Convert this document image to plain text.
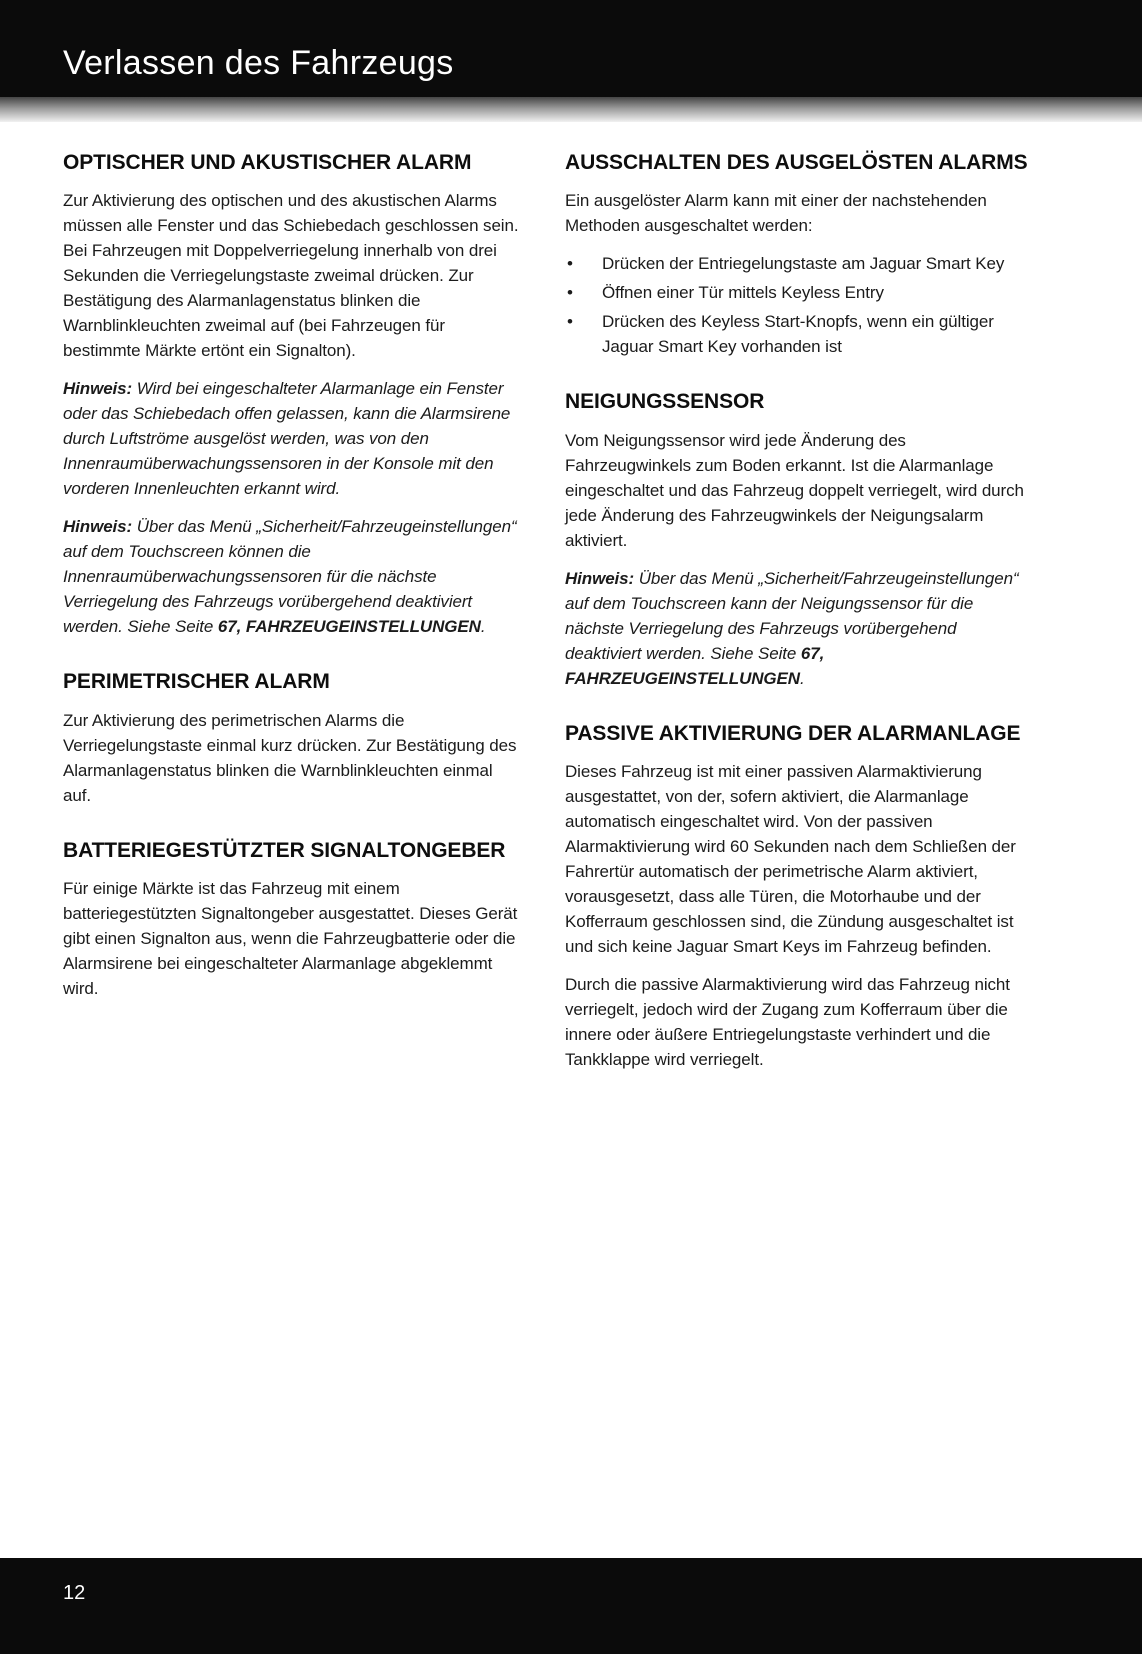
Verlassen des Fahrzeugs
OPTISCHER UND AKUSTISCHER ALARM

Zur Aktivierung des optischen und des akustischen Alarms müssen alle Fenster und das Schiebedach geschlossen sein. Bei Fahrzeugen mit Doppelverriegelung innerhalb von drei Sekunden die Verriegelungstaste zweimal drücken. Zur Bestätigung des Alarmanlagenstatus blinken die Warnblinkleuchten zweimal auf (bei Fahrzeugen für bestimmte Märkte ertönt ein Signalton).

Hinweis: Wird bei eingeschalteter Alarmanlage ein Fenster oder das Schiebedach offen gelassen, kann die Alarmsirene durch Luftströme ausgelöst werden, was von den Innenraumüberwachungssensoren in der Konsole mit den vorderen Innenleuchten erkannt wird.

Hinweis: Über das Menü „Sicherheit/Fahrzeugeinstellungen“ auf dem Touchscreen können die Innenraumüberwachungssensoren für die nächste Verriegelung des Fahrzeugs vorübergehend deaktiviert werden. Siehe Seite 67, FAHRZEUGEINSTELLUNGEN.

PERIMETRISCHER ALARM

Zur Aktivierung des perimetrischen Alarms die Verriegelungstaste einmal kurz drücken. Zur Bestätigung des Alarmanlagenstatus blinken die Warnblinkleuchten einmal auf.

BATTERIEGESTÜTZTER SIGNALTONGEBER

Für einige Märkte ist das Fahrzeug mit einem batteriegestützten Signaltongeber ausgestattet. Dieses Gerät gibt einen Signalton aus, wenn die Fahrzeugbatterie oder die Alarmsirene bei eingeschalteter Alarmanlage abgeklemmt wird.

AUSSCHALTEN DES AUSGELÖSTEN ALARMS

Ein ausgelöster Alarm kann mit einer der nachstehenden Methoden ausgeschaltet werden:

• Drücken der Entriegelungstaste am Jaguar Smart Key
• Öffnen einer Tür mittels Keyless Entry
• Drücken des Keyless Start-Knopfs, wenn ein gültiger Jaguar Smart Key vorhanden ist
NEIGUNGSSENSOR

Vom Neigungssensor wird jede Änderung des Fahrzeugwinkels zum Boden erkannt. Ist die Alarmanlage eingeschaltet und das Fahrzeug doppelt verriegelt, wird durch jede Änderung des Fahrzeugwinkels der Neigungsalarm aktiviert.

Hinweis: Über das Menü „Sicherheit/Fahrzeugeinstellungen“ auf dem Touchscreen kann der Neigungssensor für die nächste Verriegelung des Fahrzeugs vorübergehend deaktiviert werden. Siehe Seite 67, FAHRZEUGEINSTELLUNGEN.

PASSIVE AKTIVIERUNG DER ALARMANLAGE

Dieses Fahrzeug ist mit einer passiven Alarmaktivierung ausgestattet, von der, sofern aktiviert, die Alarmanlage automatisch eingeschaltet wird. Von der passiven Alarmaktivierung wird 60 Sekunden nach dem Schließen der Fahrertür automatisch der perimetrische Alarm aktiviert, vorausgesetzt, dass alle Türen, die Motorhaube und der Kofferraum geschlossen sind, die Zündung ausgeschaltet ist und sich keine Jaguar Smart Keys im Fahrzeug befinden.

Durch die passive Alarmaktivierung wird das Fahrzeug nicht verriegelt, jedoch wird der Zugang zum Kofferraum über die innere oder äußere Entriegelungstaste verhindert und die Tankklappe wird verriegelt.

12
